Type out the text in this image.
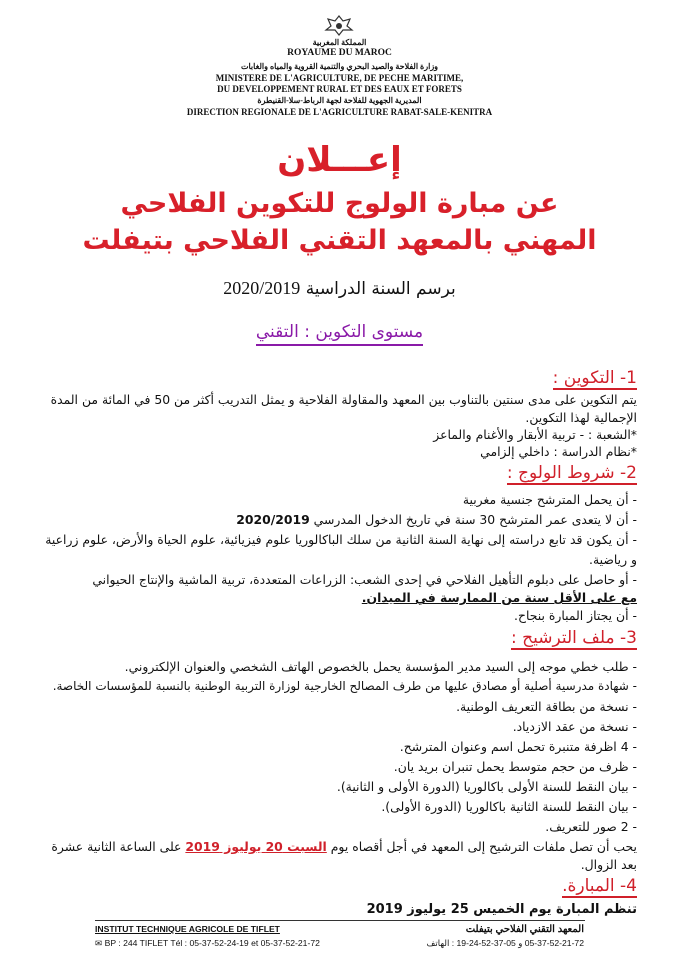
المملكة المغربية
ROYAUME DU MAROC
وزارة الفلاحة والصيد البحري والتنمية القروية والمياه والغابات
MINISTERE DE L'AGRICULTURE, DE PECHE MARITIME,
DU DEVELOPPEMENT RURAL ET DES EAUX ET FORETS
المديرية الجهوية للفلاحة لجهة الرباط-سلا-القنيطرة
DIRECTION REGIONALE DE L'AGRICULTURE RABAT-SALE-KENITRA
إعـــلان
عن مبارة الولوج للتكوين الفلاحي
المهني بالمعهد التقني الفلاحي بتيفلت
برسم السنة الدراسية 2020/2019
مستوى التكوين : التقني
1- التكوين :
يتم التكوين على مدى سنتين بالتناوب بين المعهد والمقاولة الفلاحية و يمثل التدريب أكثر من 50 في المائة من المدة
الإجمالية لهذا التكوين.
*الشعبة : - تربية الأبقار والأغنام والماعز
*نظام الدراسة : داخلي إلزامي
2- شروط الولوج :
- أن يحمل المترشح جنسية مغربية
- أن لا يتعدى عمر المترشح 30 سنة في تاريخ الدخول المدرسي 2020/2019
- أن يكون قد تابع دراسته إلى نهاية السنة الثانية من سلك الباكالوريا علوم فيزيائية، علوم الحياة والأرض، علوم زراعية
و رياضية.
- أو حاصل على دبلوم التأهيل الفلاحي في إحدى الشعب: الزراعات المتعددة، تربية الماشية والإنتاج الحيواني
مع على الأقل سنة من الممارسة في الميدان.
- أن يجتاز المبارة بنجاح.
3- ملف الترشيح :
- طلب خطي موجه إلى السيد مدير المؤسسة يحمل بالخصوص الهاتف الشخصي والعنوان الإلكتروني.
- شهادة مدرسية أصلية أو مصادق عليها من طرف المصالح الخارجية لوزارة التربية الوطنية بالنسبة للمؤسسات الخاصة.
- نسخة من بطاقة التعريف الوطنية.
- نسخة من عقد الازدياد.
- 4 اظرفة متنبرة تحمل اسم وعنوان المترشح.
- ظرف من حجم متوسط يحمل تنبران بريد يان.
- بيان النقط للسنة الأولى باكالوريا (الدورة الأولى و الثانية).
- بيان النقط للسنة الثانية باكالوريا (الدورة الأولى).
- 2 صور للتعريف.
يحب أن تصل ملفات الترشيح إلى المعهد في أجل أقصاه يوم السبت 20 يوليوز 2019 على الساعة الثانية عشرة
بعد الزوال.
4- المبارة.
تنظم المبارة يوم الخميس 25 يوليوز 2019
INSTITUT TECHNIQUE AGRICOLE DE TIFLET	المعهد التقني الفلاحي بتيفلت
✉ BP : 244 TIFLET Tél : 05-37-52-24-19 et 05-37-52-21-72	05-37-52-21-72 و 05-37-52-24-19 : الهاتف
